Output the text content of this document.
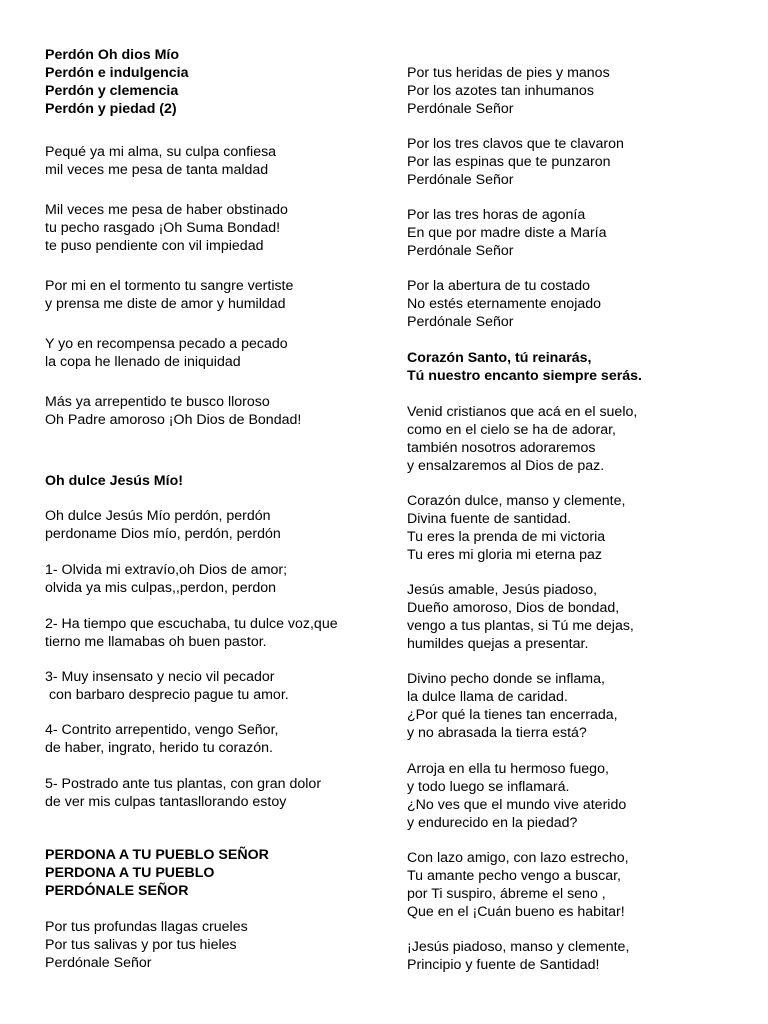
Perdón Oh dios Mío
Perdón e indulgencia
Perdón y clemencia
Perdón y piedad (2)
Pequé ya mi alma, su culpa confiesa
mil veces me pesa de tanta maldad
Mil veces me pesa de haber obstinado
tu pecho rasgado ¡Oh Suma Bondad!
te puso pendiente con vil impiedad
Por mi en el tormento tu sangre vertiste
y prensa me diste de amor y humildad
Y yo en recompensa pecado a pecado
la copa he llenado de iniquidad
Más ya arrepentido te busco lloroso
Oh Padre amoroso ¡Oh Dios de Bondad!
Oh dulce Jesús Mío!
Oh dulce Jesús Mío perdón, perdón
perdoname Dios mío, perdón, perdón
1- Olvida mi extravío,oh Dios de amor;
olvida ya mis culpas,,perdon, perdon
2- Ha tiempo que escuchaba, tu dulce voz,que
tierno me llamabas oh buen pastor.
3- Muy insensato y necio vil pecador
con barbaro desprecio pague tu amor.
4- Contrito arrepentido, vengo Señor,
de haber, ingrato, herido tu corazón.
5- Postrado ante tus plantas, con gran dolor
de ver mis culpas tantasllorando estoy
PERDONA A TU PUEBLO SEÑOR
PERDONA A TU PUEBLO
PERDÓNALE SEÑOR
Por tus profundas llagas crueles
Por tus salivas y por tus hieles
Perdónale Señor
Por tus heridas de pies y manos
Por los azotes tan inhumanos
Perdónale Señor
Por los tres clavos que te clavaron
Por las espinas que te punzaron
Perdónale Señor
Por las tres horas de agonía
En que por madre diste a María
Perdónale Señor
Por la abertura de tu costado
No estés eternamente enojado
Perdónale Señor
Corazón Santo, tú reinarás,
Tú nuestro encanto siempre serás.
Venid cristianos que acá en el suelo,
como en el cielo se ha de adorar,
también nosotros adoraremos
y ensalzaremos al Dios de paz.
Corazón dulce, manso y clemente,
Divina fuente de santidad.
Tu eres la prenda de mi victoria
Tu eres mi gloria mi eterna paz
Jesús amable, Jesús piadoso,
Dueño amoroso, Dios de bondad,
vengo a tus plantas, si Tú me dejas,
humildes quejas a presentar.
Divino pecho donde se inflama,
la dulce llama de caridad.
¿Por qué la tienes tan encerrada,
y no abrasada la tierra está?
Arroja en ella tu hermoso fuego,
y todo luego se inflamará.
¿No ves que el mundo vive aterido
y endurecido en la piedad?
Con lazo amigo, con lazo estrecho,
Tu amante pecho vengo a buscar,
por Ti suspiro, ábreme el seno ,
Que en el ¡Cuán bueno es habitar!
¡Jesús piadoso, manso y clemente,
Principio y fuente de Santidad!
